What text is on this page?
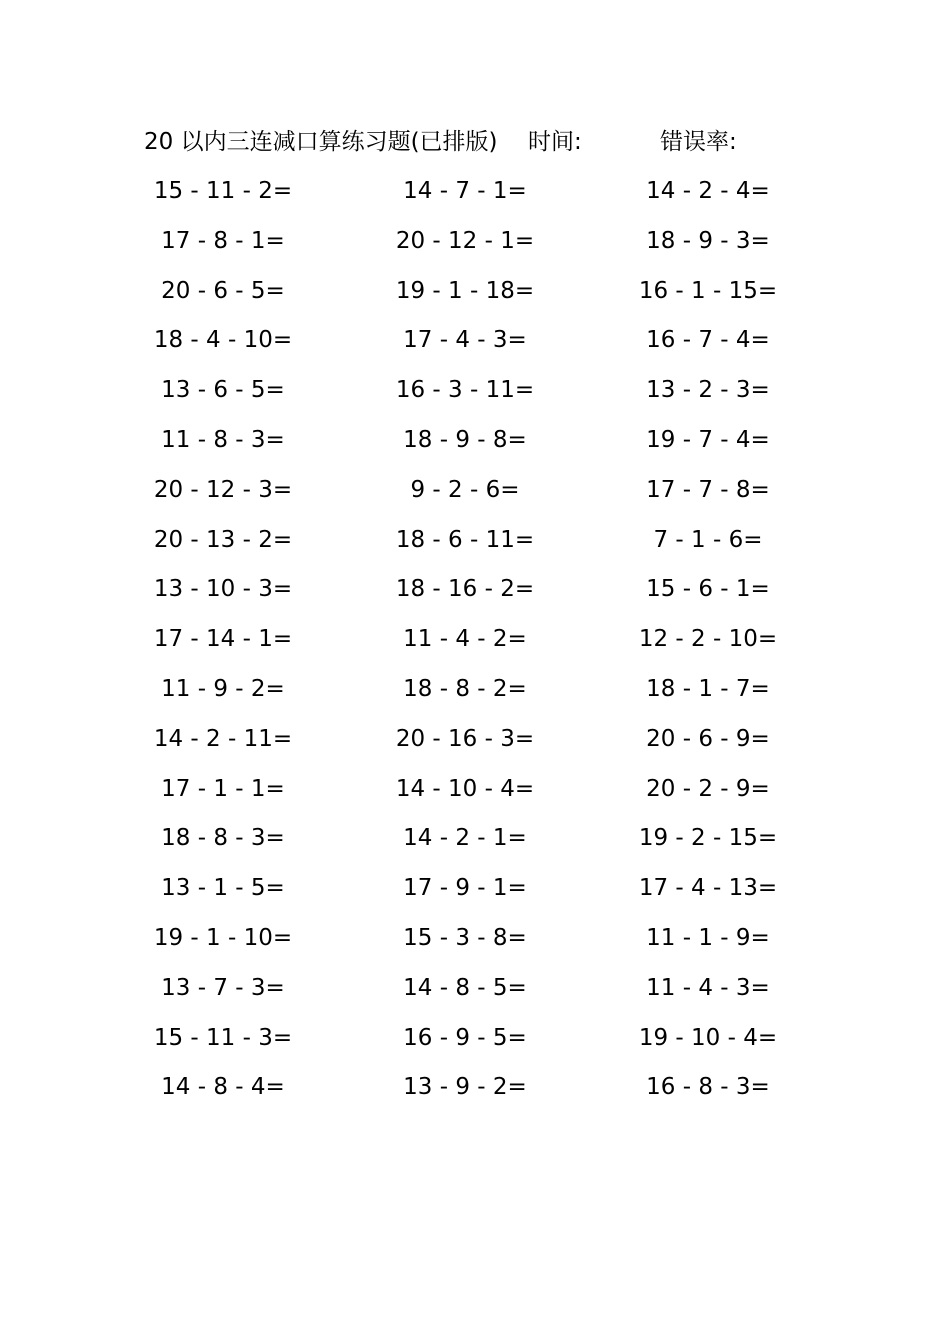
20 以内三连减口算练习题(已排版) 时间:	错误率:
15 - 11 - 2=	14 - 7 - 1=	14 - 2 - 4=
17 - 8 - 1=	20 - 12 - 1=	18 - 9 - 3=
20 - 6 - 5=	19 - 1 - 18=	16 - 1 - 15=
18 - 4 - 10=	17 - 4 - 3=	16 - 7 - 4=
13 - 6 - 5=	16 - 3 - 11=	13 - 2 - 3=
11 - 8 - 3=	18 - 9 - 8=	19 - 7 - 4=
20 - 12 - 3=	9 - 2 - 6=	17 - 7 - 8=
20 - 13 - 2=	18 - 6 - 11=	7 - 1 - 6=
13 - 10 - 3=	18 - 16 - 2=	15 - 6 - 1=
17 - 14 - 1=	11 - 4 - 2=	12 - 2 - 10=
11 - 9 - 2=	18 - 8 - 2=	18 - 1 - 7=
14 - 2 - 11=	20 - 16 - 3=	20 - 6 - 9=
17 - 1 - 1=	14 - 10 - 4=	20 - 2 - 9=
18 - 8 - 3=	14 - 2 - 1=	19 - 2 - 15=
13 - 1 - 5=	17 - 9 - 1=	17 - 4 - 13=
19 - 1 - 10=	15 - 3 - 8=	11 - 1 - 9=
13 - 7 - 3=	14 - 8 - 5=	11 - 4 - 3=
15 - 11 - 3=	16 - 9 - 5=	19 - 10 - 4=
14 - 8 - 4=	13 - 9 - 2=	16 - 8 - 3=
